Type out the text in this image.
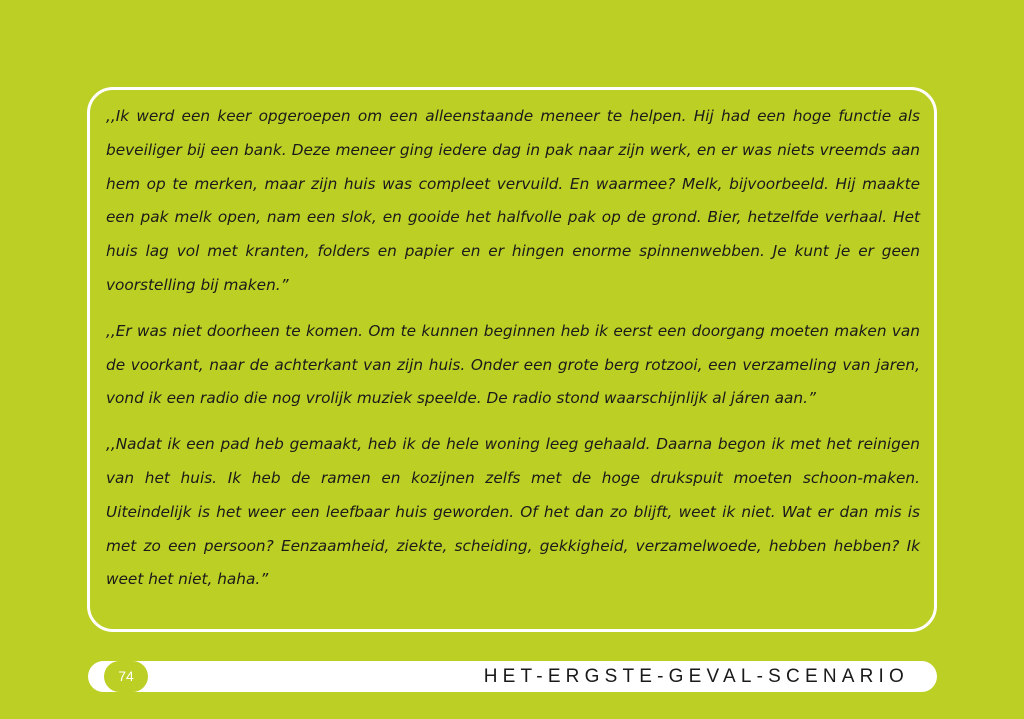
,,Ik werd een keer opgeroepen om een alleenstaande meneer te helpen. Hij had een hoge functie als beveiliger bij een bank. Deze meneer ging iedere dag in pak naar zijn werk, en er was niets vreemds aan hem op te merken, maar zijn huis was compleet vervuild. En waarmee? Melk, bijvoorbeeld. Hij maakte een pak melk open, nam een slok, en gooide het halfvolle pak op de grond. Bier, hetzelfde verhaal. Het huis lag vol met kranten, folders en papier en er hingen enorme spinnenwebben. Je kunt je er geen voorstelling bij maken.”

,,Er was niet doorheen te komen. Om te kunnen beginnen heb ik eerst een doorgang moeten maken van de voorkant, naar de achterkant van zijn huis. Onder een grote berg rotzooi, een verzameling van jaren, vond ik een radio die nog vrolijk muziek speelde. De radio stond waarschijnlijk al járen aan.”

,,Nadat ik een pad heb gemaakt, heb ik de hele woning leeg gehaald. Daarna begon ik met het reinigen van het huis. Ik heb de ramen en kozijnen zelfs met de hoge drukspuit moeten schoon-maken. Uiteindelijk is het weer een leefbaar huis geworden. Of het dan zo blijft, weet ik niet. Wat er dan mis is met zo een persoon? Eenzaamheid, ziekte, scheiding, gekkigheid, verzamelwoede, hebben hebben? Ik weet het niet, haha.”

74	HET-ERGSTE-GEVAL-SCENARIO
